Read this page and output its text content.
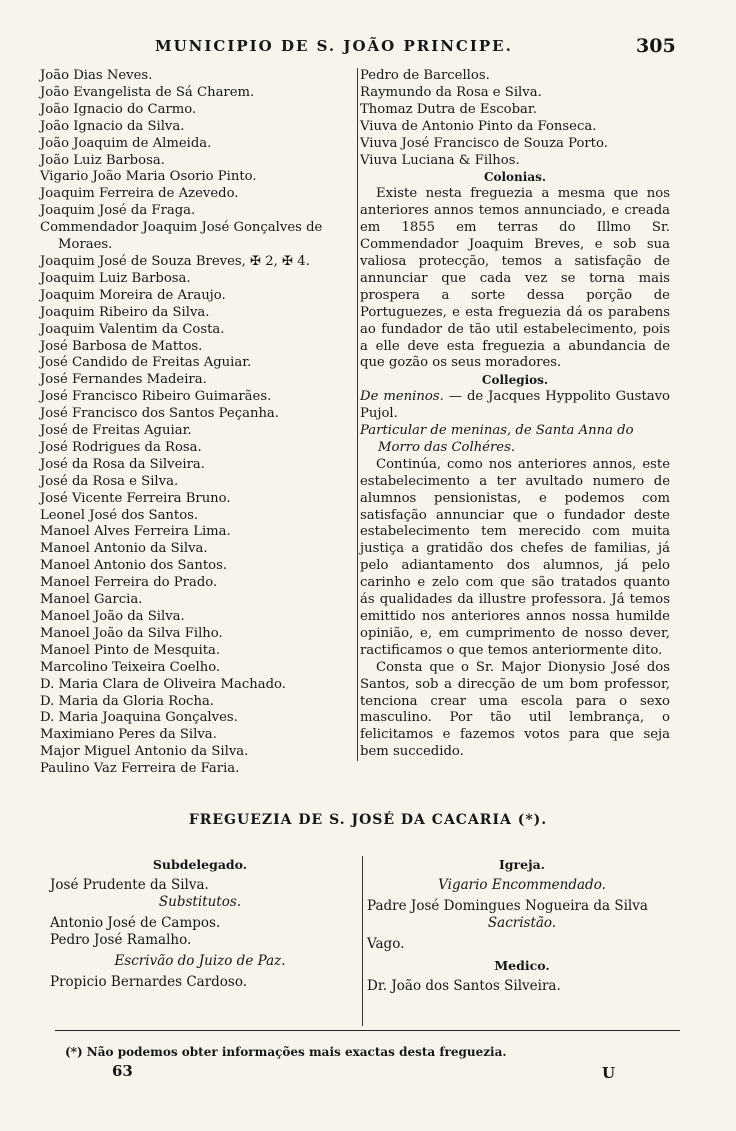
MUNICIPIO DE S. JOÃO PRINCIPE.	305
João Dias Neves.
João Evangelista de Sá Charem.
João Ignacio do Carmo.
João Ignacio da Silva.
João Joaquim de Almeida.
João Luiz Barbosa.
Vigario João Maria Osorio Pinto.
Joaquim Ferreira de Azevedo.
Joaquim José da Fraga.
Commendador Joaquim José Gonçalves de
Moraes.
Joaquim José de Souza Breves, ✠ 2, ✠ 4.
Joaquim Luiz Barbosa.
Joaquim Moreira de Araujo.
Joaquim Ribeiro da Silva.
Joaquim Valentim da Costa.
José Barbosa de Mattos.
José Candido de Freitas Aguiar.
José Fernandes Madeira.
José Francisco Ribeiro Guimarães.
José Francisco dos Santos Peçanha.
José de Freitas Aguiar.
José Rodrigues da Rosa.
José da Rosa da Silveira.
José da Rosa e Silva.
José Vicente Ferreira Bruno.
Leonel José dos Santos.
Manoel Alves Ferreira Lima.
Manoel Antonio da Silva.
Manoel Antonio dos Santos.
Manoel Ferreira do Prado.
Manoel Garcia.
Manoel João da Silva.
Manoel João da Silva Filho.
Manoel Pinto de Mesquita.
Marcolino Teixeira Coelho.
D. Maria Clara de Oliveira Machado.
D. Maria da Gloria Rocha.
D. Maria Joaquina Gonçalves.
Maximiano Peres da Silva.
Major Miguel Antonio da Silva.
Paulino Vaz Ferreira de Faria.
Pedro de Barcellos.
Raymundo da Rosa e Silva.
Thomaz Dutra de Escobar.
Viuva de Antonio Pinto da Fonseca.
Viuva José Francisco de Souza Porto.
Viuva Luciana & Filhos.
Colonias.
Existe nesta freguezia a mesma que nos anteriores annos temos annunciado, e creada em 1855 em terras do Illmo Sr. Commendador Joaquim Breves, e sob sua valiosa protecção, temos a satisfação de annunciar que cada vez se torna mais prospera a sorte dessa porção de Portuguezes, e esta freguezia dá os parabens ao fundador de tão util estabelecimento, pois a elle deve esta freguezia a abundancia de que gozão os seus moradores.
Collegios.
De meninos. — de Jacques Hyppolito Gustavo Pujol.
Particular de meninas, de Santa Anna do Morro das Colhéres.
Continúa, como nos anteriores annos, este estabelecimento a ter avultado numero de alumnos pensionistas, e podemos com satisfação annunciar que o fundador deste estabelecimento tem merecido com muita justiça a gratidão dos chefes de familias, já pelo adiantamento dos alumnos, já pelo carinho e zelo com que são tratados quanto ás qualidades da illustre professora. Já temos emittido nos anteriores annos nossa humilde opinião, e, em cumprimento de nosso dever, ractificamos o que temos anteriormente dito.
Consta que o Sr. Major Dionysio José dos Santos, sob a direcção de um bom professor, tenciona crear uma escola para o sexo masculino. Por tão util lembrança, o felicitamos e fazemos votos para que seja bem succedido.
FREGUEZIA DE S. JOSÉ DA CACARIA (*).
Subdelegado.
José Prudente da Silva.
Substitutos.
Antonio José de Campos.
Pedro José Ramalho.
Escrivão do Juizo de Paz.
Propicio Bernardes Cardoso.
Igreja.
Vigario Encommendado.
Padre José Domingues Nogueira da Silva
Sacristão.
Vago.
Medico.
Dr. João dos Santos Silveira.
(*) Não podemos obter informações mais exactas desta freguezia.
63	U
